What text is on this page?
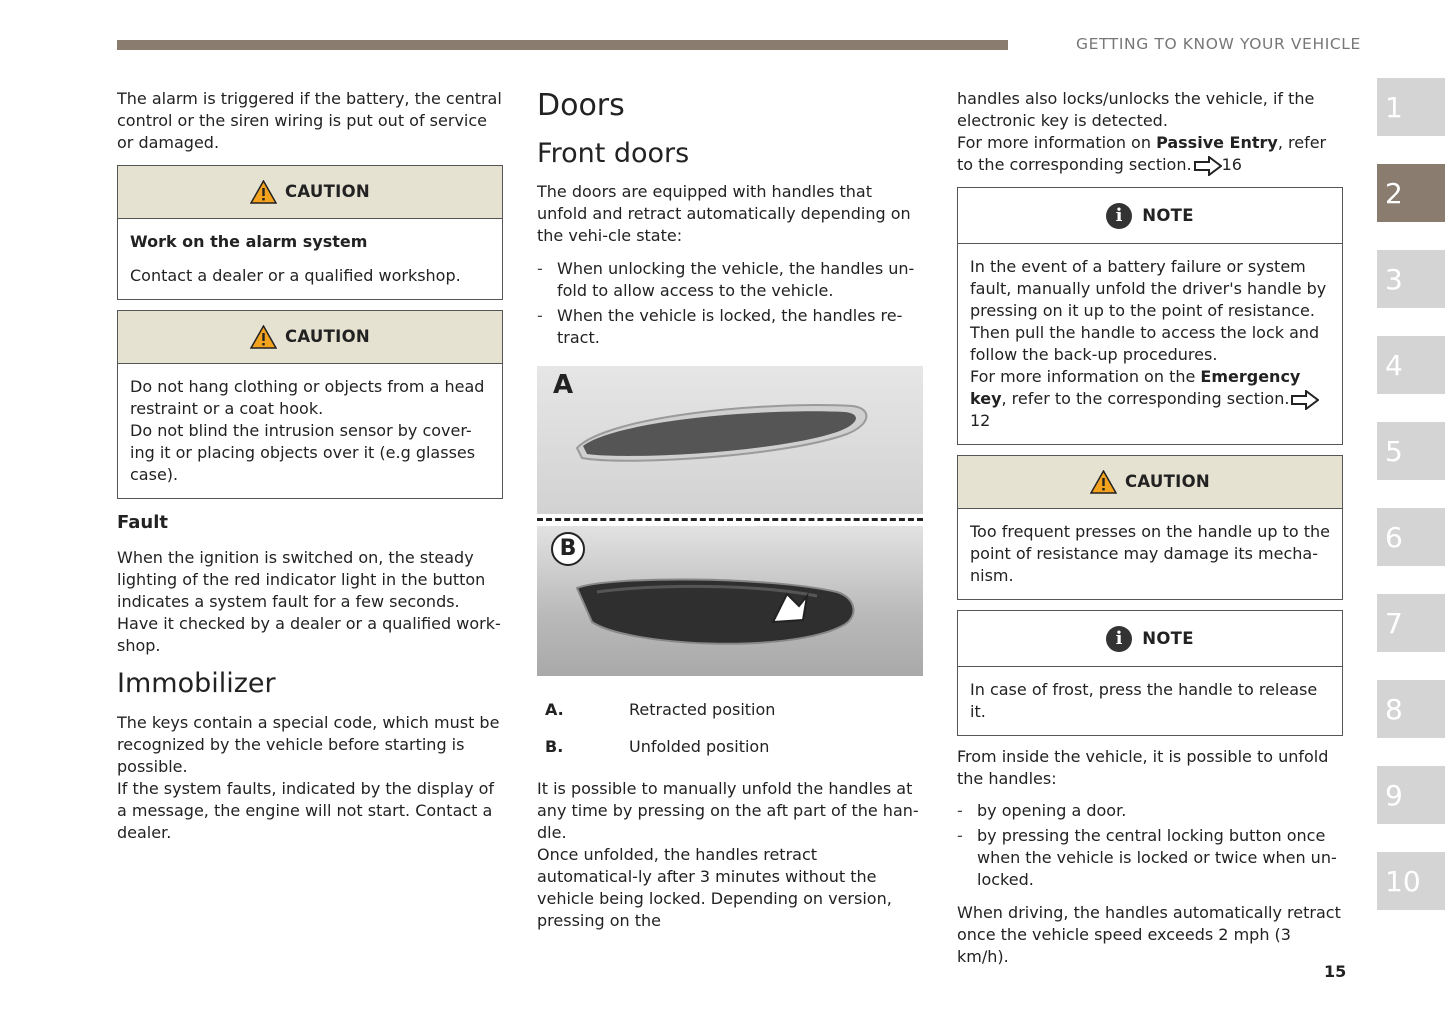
GETTING TO KNOW YOUR VEHICLE

The alarm is triggered if the battery, the central control or the siren wiring is put out of service or damaged.

CAUTION

Work on the alarm system

Contact a dealer or a qualified workshop.

CAUTION

Do not hang clothing or objects from a head restraint or a coat hook.

Do not blind the intrusion sensor by cover-ing it or placing objects over it (e.g glasses case).

Fault

When the ignition is switched on, the steady lighting of the red indicator light in the button indicates a system fault for a few seconds. Have it checked by a dealer or a qualified work-shop.

Immobilizer

The keys contain a special code, which must be recognized by the vehicle before starting is possible.

If the system faults, indicated by the display of a message, the engine will not start. Contact a dealer.

Doors
Front doors

The doors are equipped with handles that unfold and retract automatically depending on the vehi-cle state:

- When unlocking the vehicle, the handles un-fold to allow access to the vehicle.
- When the vehicle is locked, the handles re-tract.
A
B
A.	Retracted position
B.	Unfolded position

It is possible to manually unfold the handles at any time by pressing on the aft part of the han-dle.

Once unfolded, the handles retract automatical-ly after 3 minutes without the vehicle being locked. Depending on version, pressing on the

handles also locks/unlocks the vehicle, if the electronic key is detected.

For more information on Passive Entry, refer to the corresponding section. 16

i	NOTE

In the event of a battery failure or system fault, manually unfold the driver's handle by pressing on it up to the point of resistance. Then pull the handle to access the lock and follow the back-up procedures.

For more information on the Emergency key, refer to the corresponding section.12

CAUTION

Too frequent presses on the handle up to the point of resistance may damage its mecha-nism.

i	NOTE

In case of frost, press the handle to release it.

From inside the vehicle, it is possible to unfold the handles:

- by opening a door.
- by pressing the central locking button once when the vehicle is locked or twice when un-locked.

When driving, the handles automatically retract once the vehicle speed exceeds 2 mph (3 km/h).

1
2
3
4
5
6
7
8
9
10
15
